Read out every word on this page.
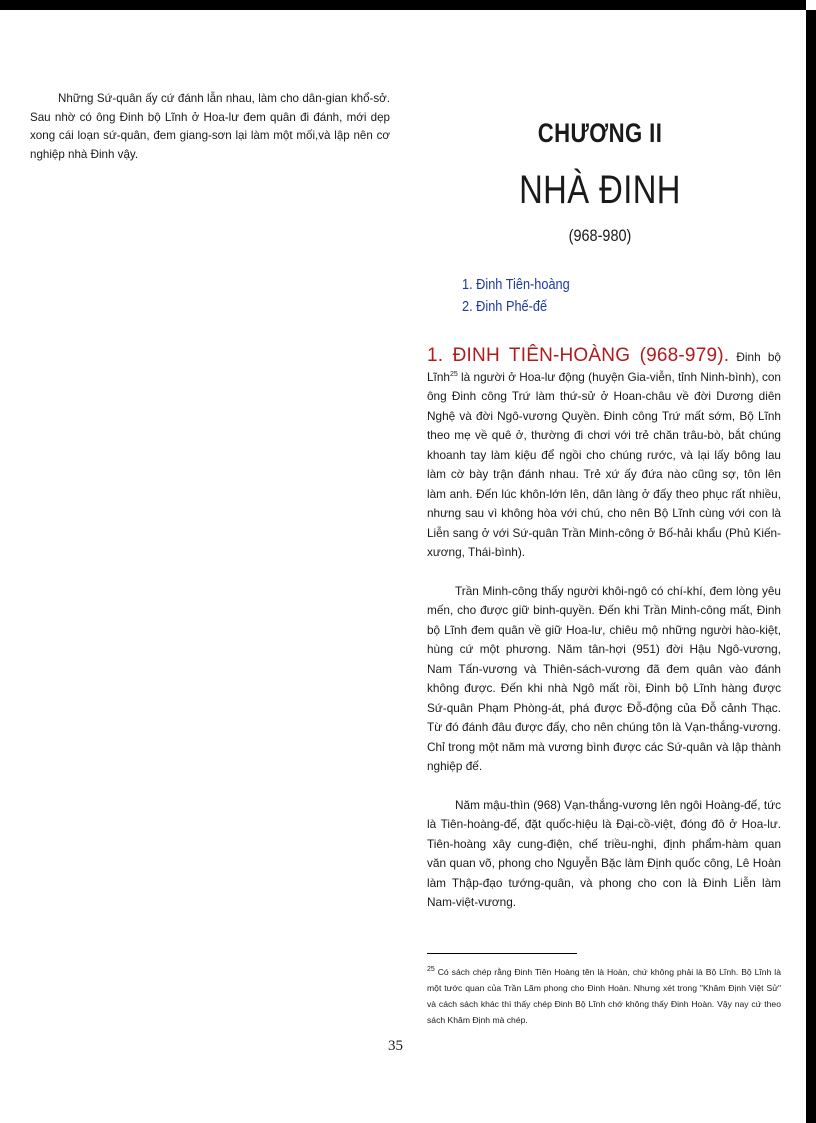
Những Sứ-quân ấy cứ đánh lẫn nhau, làm cho dân-gian khổ-sở. Sau nhờ có ông Đinh bộ Lĩnh ở Hoa-lư đem quân đi đánh, mới dẹp xong cái loạn sứ-quân, đem giang-sơn lại làm một mối,và lập nên cơ nghiệp nhà Đinh vậy.

CHƯƠNG II
NHÀ ĐINH

(968-980)

1. Đinh Tiên-hoàng
2. Đinh Phế-đế

1. ĐINH TIÊN-HOÀNG (968-979). Đinh bộ Lĩnh$^{25}$ là người ở Hoa-lư động (huyện Gia-viễn, tỉnh Ninh-bình), con ông Đinh công Trứ làm thứ-sử ở Hoan-châu về đời Dương diên Nghệ và đời Ngô-vương Quyền. Đinh công Trứ mất sớm, Bộ Lĩnh theo mẹ về quê ở, thường đi chơi với trẻ chăn trâu-bò, bắt chúng khoanh tay làm kiệu để ngồi cho chúng rước, và lại lấy bông lau làm cờ bày trận đánh nhau. Trẻ xứ ấy đứa nào cũng sợ, tôn lên làm anh. Đến lúc khôn-lớn lên, dân làng ở đấy theo phục rất nhiều, nhưng sau vì không hòa với chú, cho nên Bộ Lĩnh cùng với con là Liễn sang ở với Sứ-quân Trần Minh-công ở Bố-hải khẩu (Phủ Kiến-xương, Thái-bình).

Trần Minh-công thấy người khôi-ngô có chí-khí, đem lòng yêu mến, cho được giữ binh-quyền. Đến khi Trần Minh-công mất, Đinh bộ Lĩnh đem quân về giữ Hoa-lư, chiêu mộ những người hào-kiệt, hùng cứ một phương. Năm tân-hợi (951) đời Hậu Ngô-vương, Nam Tấn-vương và Thiên-sách-vương đã đem quân vào đánh không được. Đến khi nhà Ngô mất rồi, Đinh bộ Lĩnh hàng được Sứ-quân Phạm Phòng-át, phá được Đỗ-động của Đỗ cảnh Thạc. Từ đó đánh đâu được đấy, cho nên chúng tôn là Vạn-thắng-vương. Chỉ trong một năm mà vương bình được các Sứ-quân và lập thành nghiệp đế.

Năm mậu-thìn (968) Vạn-thắng-vương lên ngôi Hoàng-đế, tức là Tiên-hoàng-đế, đặt quốc-hiệu là Đại-cồ-việt, đóng đô ở Hoa-lư. Tiên-hoàng xây cung-điện, chế triều-nghi, định phẩm-hàm quan văn quan võ, phong cho Nguyễn Bặc làm Định quốc công, Lê Hoàn làm Thập-đạo tướng-quân, và phong cho con là Đinh Liễn làm Nam-việt-vương.

$^{25}$ Có sách chép rằng Đinh Tiên Hoàng tên là Hoàn, chứ không phải là Bộ Lĩnh. Bộ Lĩnh là một tước quan của Trần Lãm phong cho Đinh Hoàn. Nhưng xét trong "Khâm Định Việt Sử" và cách sách khác thì thấy chép Đinh Bộ Lĩnh chớ không thấy Đinh Hoàn. Vậy nay cứ theo sách Khâm Định mà chép.

35
